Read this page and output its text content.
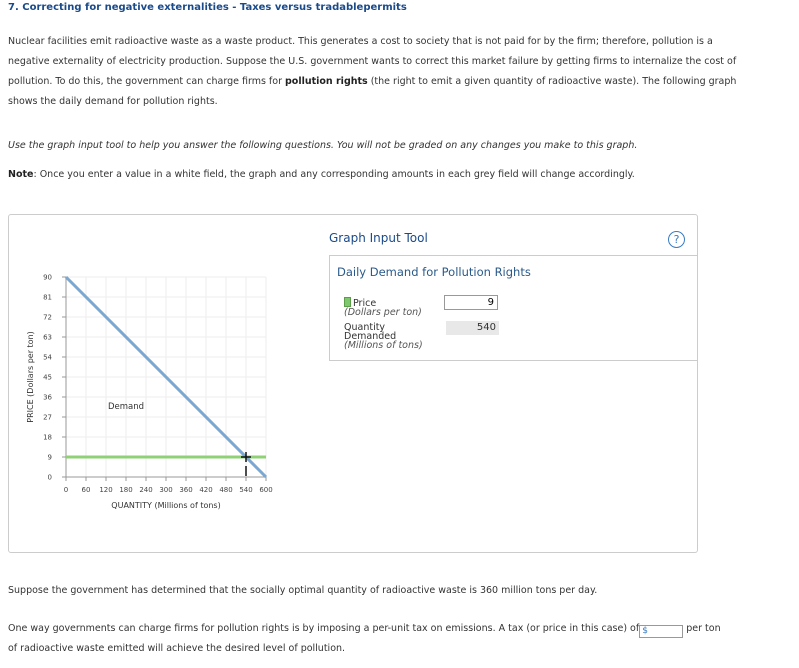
7. Correcting for negative externalities - Taxes versus tradablepermits
Nuclear facilities emit radioactive waste as a waste product. This generates a cost to society that is not paid for by the firm; therefore, pollution is a negative externality of electricity production. Suppose the U.S. government wants to correct this market failure by getting firms to internalize the cost of pollution. To do this, the government can charge firms for pollution rights (the right to emit a given quantity of radioactive waste). The following graph shows the daily demand for pollution rights.
Use the graph input tool to help you answer the following questions. You will not be graded on any changes you make to this graph.
Note: Once you enter a value in a white field, the graph and any corresponding amounts in each grey field will change accordingly.
0 60 120 180 240 300 360 420 480 540 600
0
9
18
27
36
45
54
63
72
81
90
Demand
PRICE (Dollars per ton)
QUANTITY (Millions of tons)
Graph Input Tool	?
Daily Demand for Pollution Rights
Price
(Dollars per ton)
Quantity
Demanded
(Millions of tons)
9
540
Suppose the government has determined that the socially optimal quantity of radioactive waste is 360 million tons per day.
One way governments can charge firms for pollution rights is by imposing a per-unit tax on emissions. A tax (or price in this case) of $	per ton
of radioactive waste emitted will achieve the desired level of pollution.
